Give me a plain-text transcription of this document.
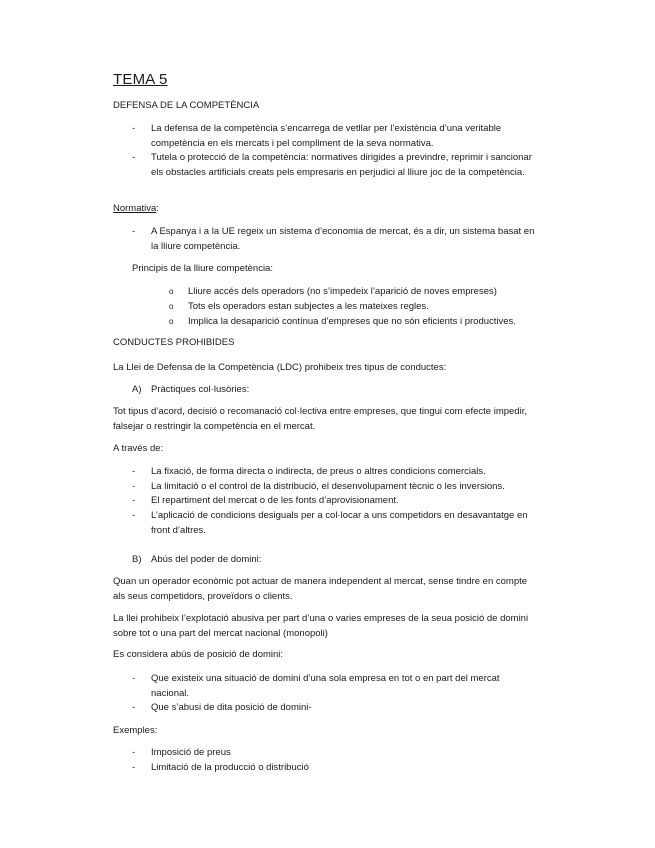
TEMA 5
DEFENSA DE LA COMPETÈNCIA
- La defensa de la competència s’encarrega de vetllar per l’existència d’una veritable competència en els mercats i pel compliment de la seva normativa.
- Tutela o protecció de la competència: normatives dirigides a previndre, reprimir i sancionar els obstacles artificials creats pels empresaris en perjudici al lliure joc de la competència.
Normativa:
- A Espanya i a la UE regeix un sistema d’economia de mercat, és a dir, un sistema basat en la lliure competència.
Principis de la lliure competència:
o Lliure accés dels operadors (no s’impedeix l’aparició de noves empreses)
o Tots els operadors estan subjectes a les mateixes regles.
o Implica la desaparició contínua d’empreses que no són eficients i productives.
CONDUCTES PROHIBIDES
La Llei de Defensa de la Competència (LDC) prohibeix tres tipus de conductes:
A) Pràctiques col·lusòries:
Tot tipus d’acord, decisió o recomanació col·lectiva entre empreses, que tingui com efecte impedir, falsejar o restringir la competència en el mercat.
A través de:
- La fixació, de forma directa o indirecta, de preus o altres condicions comercials.
- La limitació o el control de la distribució, el desenvolupament tècnic o les inversions.
- El repartiment del mercat o de les fonts d’aprovisionament.
- L’aplicació de condicions desiguals per a col·locar a uns competidors en desavantatge en front d’altres.
B) Abús del poder de domini:
Quan un operador econòmic pot actuar de manera independent al mercat, sense tindre en compte als seus competidors, proveïdors o clients.
La llei prohibeix l’explotació abusiva per part d’una o varies empreses de la seua posició de domini sobre tot o una part del mercat nacional (monopoli)
Es considera abús de posició de domini:
- Que existeix una situació de domini d’una sola empresa en tot o en part del mercat nacional.
- Que s’abusi de dita posició de domini-
Exemples:
- Imposició de preus
- Limitació de la producció o distribució
